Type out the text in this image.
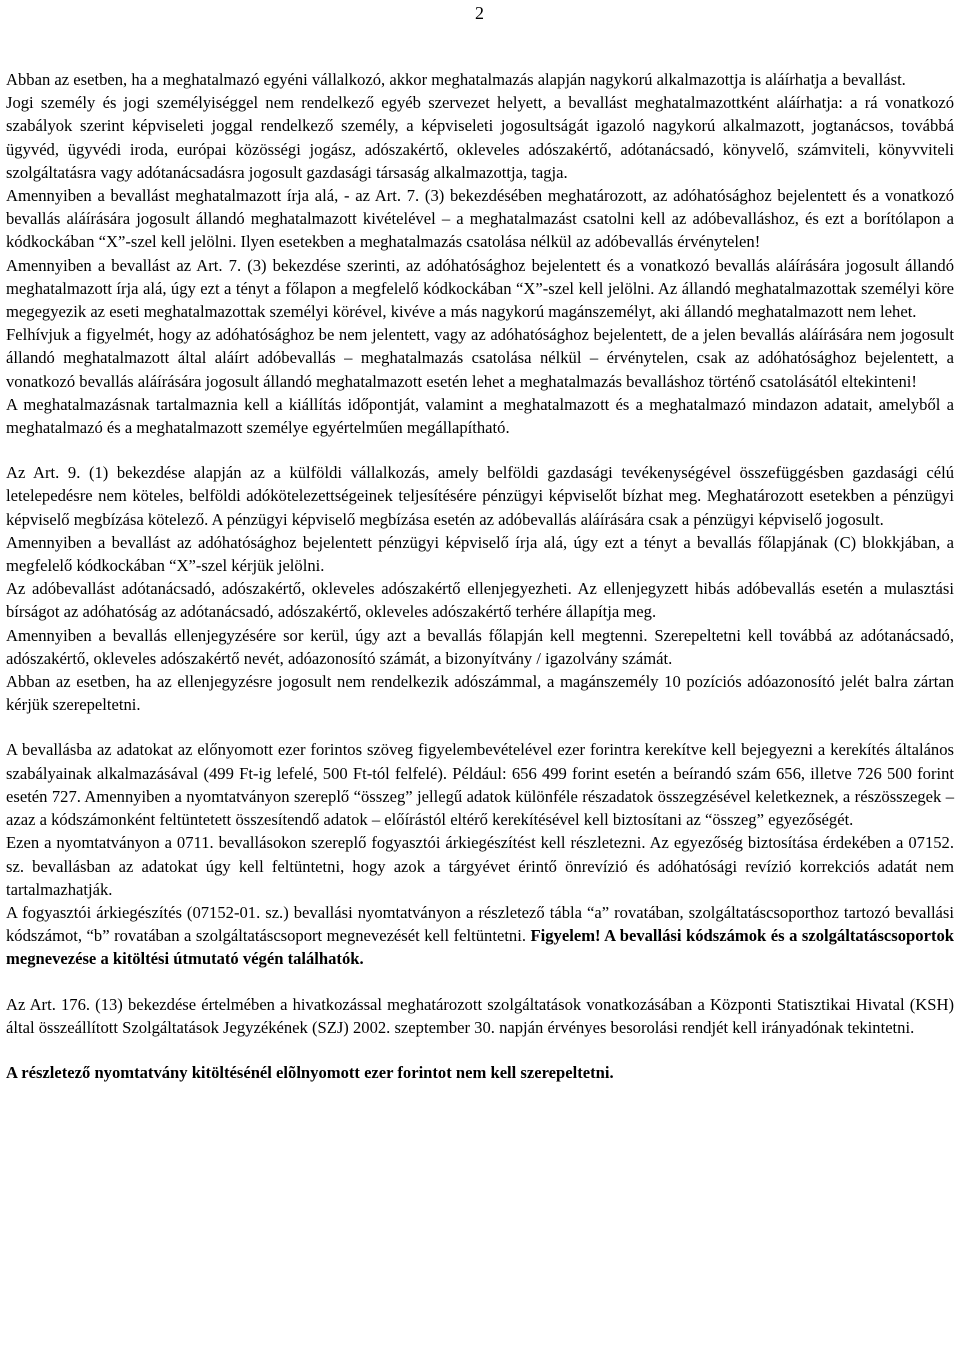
2

Abban az esetben, ha a meghatalmazó egyéni vállalkozó, akkor meghatalmazás alapján nagykorú alkalmazottja is aláírhatja a bevallást.

Jogi személy és jogi személyiséggel nem rendelkező egyéb szervezet helyett, a bevallást meghatalmazottként aláírhatja: a rá vonatkozó szabályok szerint képviseleti joggal rendelkező személy, a képviseleti jogosultságát igazoló nagykorú alkalmazott, jogtanácsos, továbbá ügyvéd, ügyvédi iroda, európai közösségi jogász, adószakértő, okleveles adószakértő, adótanácsadó, könyvelő, számviteli, könyvviteli szolgáltatásra vagy adótanácsadásra jogosult gazdasági társaság alkalmazottja, tagja.

Amennyiben a bevallást meghatalmazott írja alá, - az Art. 7. (3) bekezdésében meghatározott, az adóhatósághoz bejelentett és a vonatkozó bevallás aláírására jogosult állandó meghatalmazott kivételével – a meghatalmazást csatolni kell az adóbevalláshoz, és ezt a borítólapon a kódkockában “X”-szel kell jelölni. Ilyen esetekben a meghatalmazás csatolása nélkül az adóbevallás érvénytelen!

Amennyiben a bevallást az Art. 7. (3) bekezdése szerinti, az adóhatósághoz bejelentett és a vonatkozó bevallás aláírására jogosult állandó meghatalmazott írja alá, úgy ezt a tényt a főlapon a megfelelő kódkockában “X”-szel kell jelölni. Az állandó meghatalmazottak személyi köre megegyezik az eseti meghatalmazottak személyi körével, kivéve a más nagykorú magánszemélyt, aki állandó meghatalmazott nem lehet.

Felhívjuk a figyelmét, hogy az adóhatósághoz be nem jelentett, vagy az adóhatósághoz bejelentett, de a jelen bevallás aláírására nem jogosult állandó meghatalmazott által aláírt adóbevallás – meghatalmazás csatolása nélkül – érvénytelen, csak az adóhatósághoz bejelentett, a vonatkozó bevallás aláírására jogosult állandó meghatalmazott esetén lehet a meghatalmazás bevalláshoz történő csatolásától eltekinteni!

A meghatalmazásnak tartalmaznia kell a kiállítás időpontját, valamint a meghatalmazott és a meghatalmazó mindazon adatait, amelyből a meghatalmazó és a meghatalmazott személye egyértelműen megállapítható.

Az Art. 9. (1) bekezdése alapján az a külföldi vállalkozás, amely belföldi gazdasági tevékenységével összefüggésben gazdasági célú letelepedésre nem köteles, belföldi adókötelezettségeinek teljesítésére pénzügyi képviselőt bízhat meg. Meghatározott esetekben a pénzügyi képviselő megbízása kötelező. A pénzügyi képviselő megbízása esetén az adóbevallás aláírására csak a pénzügyi képviselő jogosult.

Amennyiben a bevallást az adóhatósághoz bejelentett pénzügyi képviselő írja alá, úgy ezt a tényt a bevallás főlapjának (C) blokkjában, a megfelelő kódkockában “X”-szel kérjük jelölni.

Az adóbevallást adótanácsadó, adószakértő, okleveles adószakértő ellenjegyezheti. Az ellenjegyzett hibás adóbevallás esetén a mulasztási bírságot az adóhatóság az adótanácsadó, adószakértő, okleveles adószakértő terhére állapítja meg.

Amennyiben a bevallás ellenjegyzésére sor kerül, úgy azt a bevallás főlapján kell megtenni. Szerepeltetni kell továbbá az adótanácsadó, adószakértő, okleveles adószakértő nevét, adóazonosító számát, a bizonyítvány / igazolvány számát.

Abban az esetben, ha az ellenjegyzésre jogosult nem rendelkezik adószámmal, a magánszemély 10 pozíciós adóazonosító jelét balra zártan kérjük szerepeltetni.

A bevallásba az adatokat az előnyomott ezer forintos szöveg figyelembevételével ezer forintra kerekítve kell bejegyezni a kerekítés általános szabályainak alkalmazásával (499 Ft-ig lefelé, 500 Ft-tól felfelé). Például: 656 499 forint esetén a beírandó szám 656, illetve 726 500 forint esetén 727. Amennyiben a nyomtatványon szereplő “összeg” jellegű adatok különféle részadatok összegzésével keletkeznek, a részösszegek – azaz a kódszámonként feltüntetett összesítendő adatok – előírástól eltérő kerekítésével kell biztosítani az “összeg” egyezőségét.

Ezen a nyomtatványon a 0711. bevallásokon szereplő fogyasztói árkiegészítést kell részletezni. Az egyezőség biztosítása érdekében a 07152. sz. bevallásban az adatokat úgy kell feltüntetni, hogy azok a tárgyévet érintő önrevízió és adóhatósági revízió korrekciós adatát nem tartalmazhatják.

A fogyasztói árkiegészítés (07152-01. sz.) bevallási nyomtatványon a részletező tábla “a” rovatában, szolgáltatáscsoporthoz tartozó bevallási kódszámot, “b” rovatában a szolgáltatáscsoport megnevezését kell feltüntetni. Figyelem! A bevallási kódszámok és a szolgáltatáscsoportok megnevezése a kitöltési útmutató végén találhatók.

Az Art. 176. (13) bekezdése értelmében a hivatkozással meghatározott szolgáltatások vonatkozásában a Központi Statisztikai Hivatal (KSH) által összeállított Szolgáltatások Jegyzékének (SZJ) 2002. szeptember 30. napján érvényes besorolási rendjét kell irányadónak tekintetni.

A részletező nyomtatvány kitöltésénél elõlnyomott ezer forintot nem kell szerepeltetni.
